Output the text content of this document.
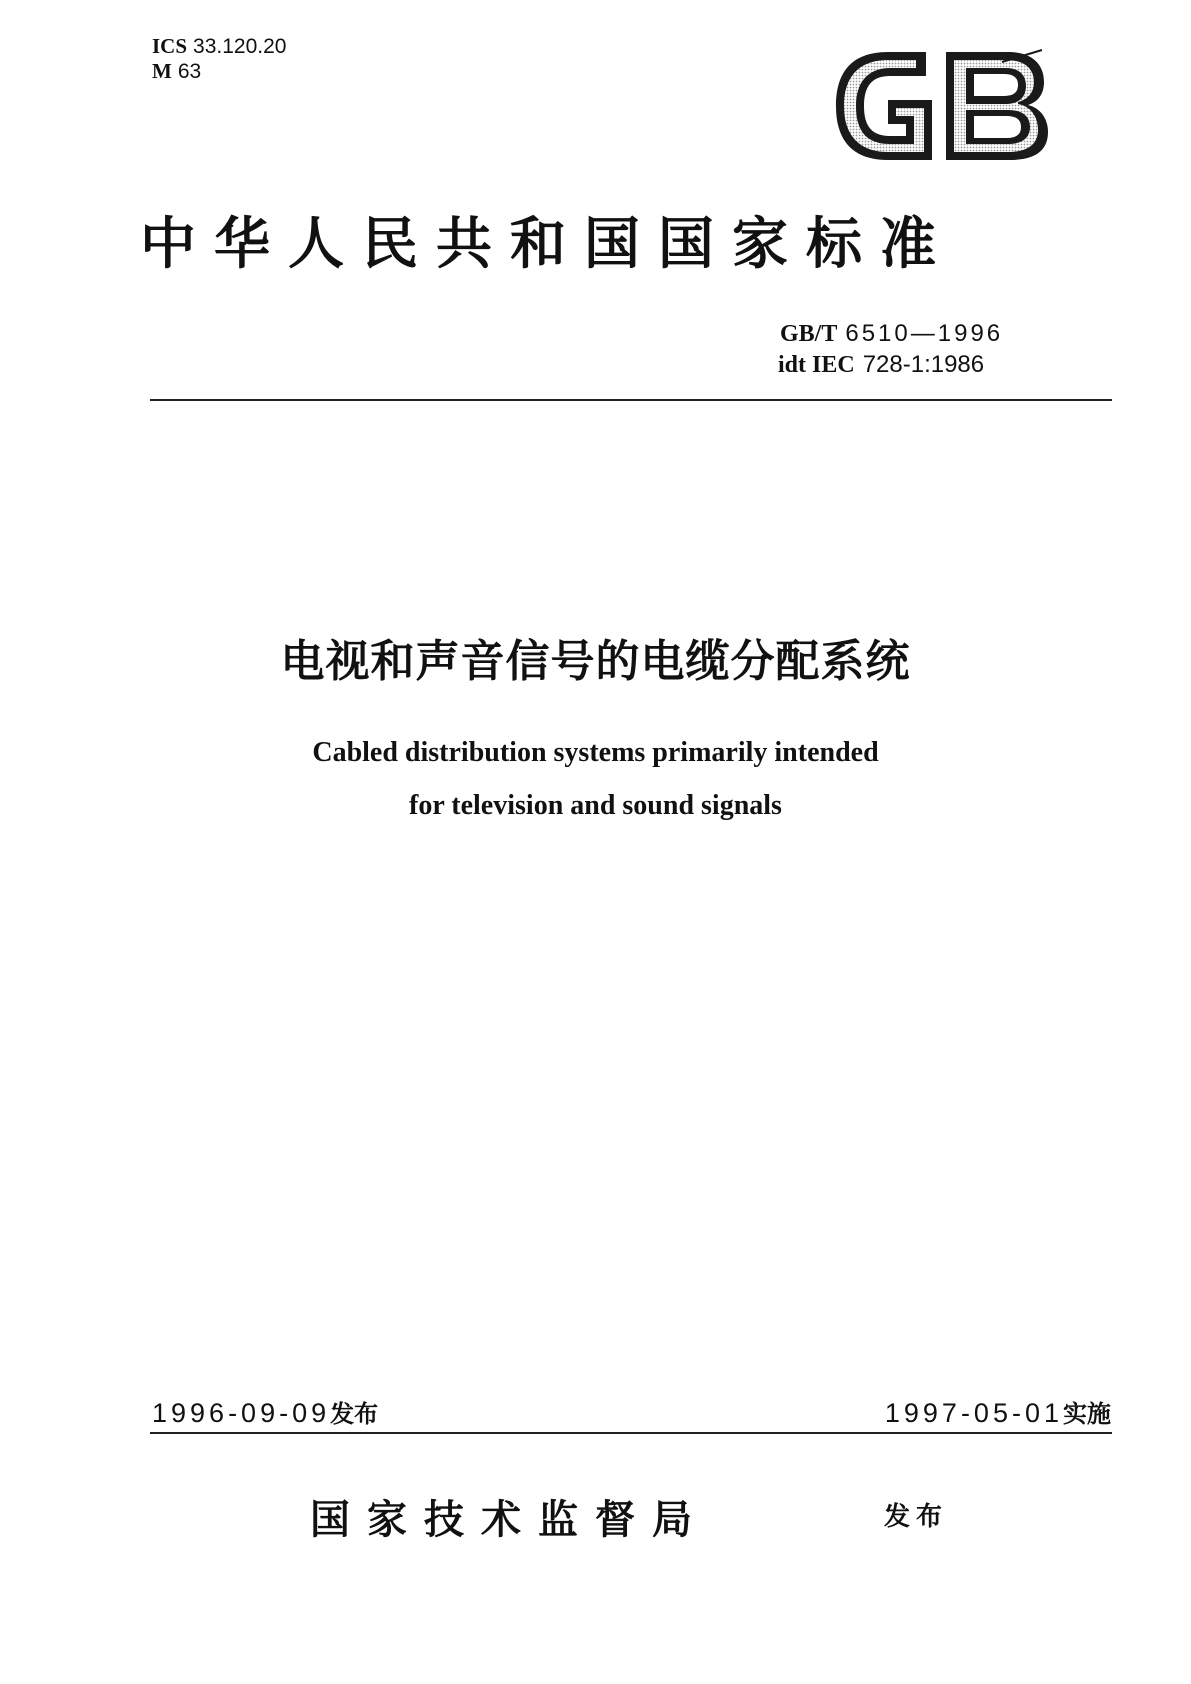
ICS 33.120.20
M 63
中华人民共和国国家标准
GB/T 6510—1996
idt IEC 728-1:1986
电视和声音信号的电缆分配系统
Cabled distribution systems primarily intended
for television and sound signals
1996-09-09发布	1997-05-01实施
国家技术监督局	发布
